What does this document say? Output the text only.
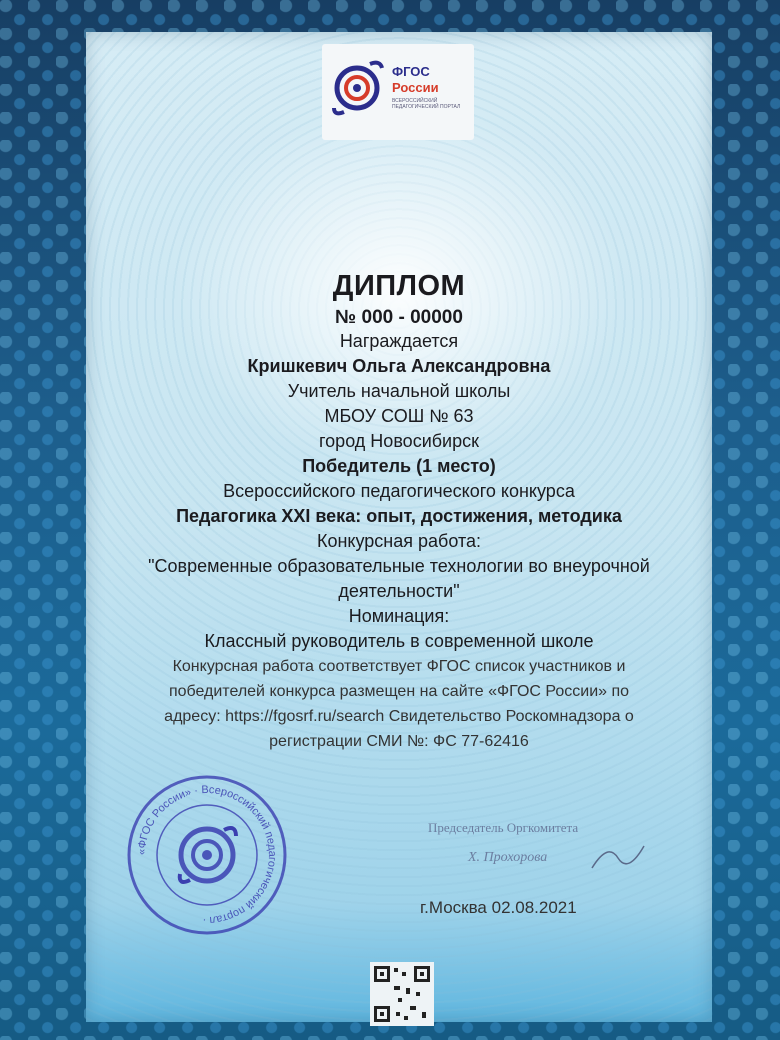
ФГОС
России
ВСЕРОССИЙСКИЙ ПЕДАГОГИЧЕСКИЙ ПОРТАЛ
ДИПЛОМ
№ 000 - 00000
Награждается
Кришкевич Ольга Александровна
Учитель начальной школы
МБОУ СОШ № 63
город Новосибирск
Победитель (1 место)
Всероссийского педагогического конкурса
Педагогика XXI века: опыт, достижения, методика
Конкурсная работа:
"Современные образовательные технологии во внеурочной деятельности"
Номинация:
Классный руководитель в современной школе
Конкурсная работа соответствует ФГОС список участников и победителей конкурса размещен на сайте «ФГОС России» по адресу: https://fgosrf.ru/search Свидетельство Роскомнадзора о регистрации СМИ №: ФС 77-62416
«ФГОС России» · Всероссийский педагогический портал ·
Председатель Оргкомитета
Х. Прохорова
г.Москва 02.08.2021
